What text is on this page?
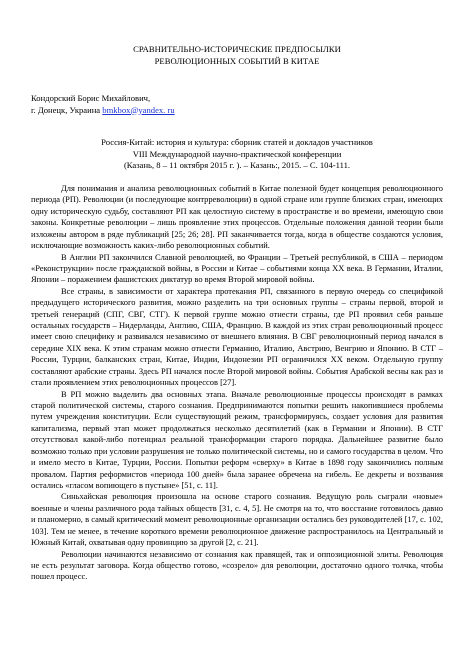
СРАВНИТЕЛЬНО-ИСТОРИЧЕСКИЕ ПРЕДПОСЫЛКИ
РЕВОЛЮЦИОННЫХ СОБЫТИЙ В КИТАЕ
Кондорский Борис Михайлович,
г. Донецк, Украина bmkbox@yandex. ru
Россия-Китай: история и культура: сборник статей и докладов участников
VIII Международной научно-практической конференции
(Казань, 8 – 11 октября 2015 г. ). – Казань:, 2015. – С. 104-111.

Для понимания и анализа революционных событий в Китае полезной будет концепция революционного периода (РП). Революции (и последующие контрреволюции) в одной стране или группе близких стран, имеющих одну историческую судьбу, составляют РП как целостную систему в пространстве и во времени, имеющую свои законы. Конкретные революции – лишь проявление этих процессов. Отдельные положения данной теории были изложены автором в ряде публикаций [25; 26; 28]. РП заканчивается тогда, когда в обществе создаются условия, исключающие возможность каких-либо революционных событий.

В Англии РП закончился Славной революцией, во Франции – Третьей республикой, в США – периодом «Реконструкции» после гражданской войны, в России и Китае – событиями конца XX века. В Германии, Италии, Японии – поражением фашистских диктатур во время Второй мировой войны.

Все страны, в зависимости от характера протекания РП, связанного в первую очередь со спецификой предыдущего исторического развития, можно разделить на три основных группы – страны первой, второй и третьей генераций (СПГ, СВГ, СТГ). К первой группе можно отнести страны, где РП проявил себя раньше остальных государств – Нидерланды, Англию, США, Францию. В каждой из этих стран революционный процесс имеет свою специфику и развивался независимо от внешнего влияния. В СВГ революционный период начался в середине XIX века. К этим странам можно отнести Германию, Италию, Австрию, Венгрию и Японию. В СТГ – России, Турции, балканских стран, Китае, Индии, Индонезии РП ограничился XX веком. Отдельную группу составляют арабские страны. Здесь РП начался после Второй мировой войны. События Арабской весны как раз и стали проявлением этих революционных процессов [27].

В РП можно выделить два основных этапа. Вначале революционные процессы происходят в рамках старой политической системы, старого сознания. Предпринимаются попытки решить накопившиеся проблемы путем учреждения конституции. Если существующий режим, трансформируясь, создает условия для развития капитализма, первый этап может продолжаться несколько десятилетий (как в Германии и Японии). В СТГ отсутствовал какой-либо потенциал реальной трансформации старого порядка. Дальнейшее развитие было возможно только при условии разрушения не только политической системы, но и самого государства в целом. Что и имело место в Китае, Турции, России. Попытки реформ «сверху» в Китае в 1898 году закончились полным провалом. Партия реформистов «периода 100 дней» была заранее обречена на гибель. Ее декреты и воззвания остались «гласом вопиющего в пустыне» [51, с. 11].

Синьхайская революция произошла на основе старого сознания. Ведущую роль сыграли «новые» военные и члены различного рода тайных обществ [31, с. 4, 5]. Не смотря на то, что восстание готовилось давно и планомерно, в самый критический момент революционные организации остались без руководителей [17, с. 102, 103]. Тем не менее, в течение короткого времени революционное движение распространилось на Центральный и Южный Китай, охватывая одну провинцию за другой [2, с. 21].

Революции начинаются независимо от сознания как правящей, так и оппозиционной элиты. Революция не есть результат заговора. Когда общество готово, «созрело» для революции, достаточно одного толчка, чтобы пошел процесс.
